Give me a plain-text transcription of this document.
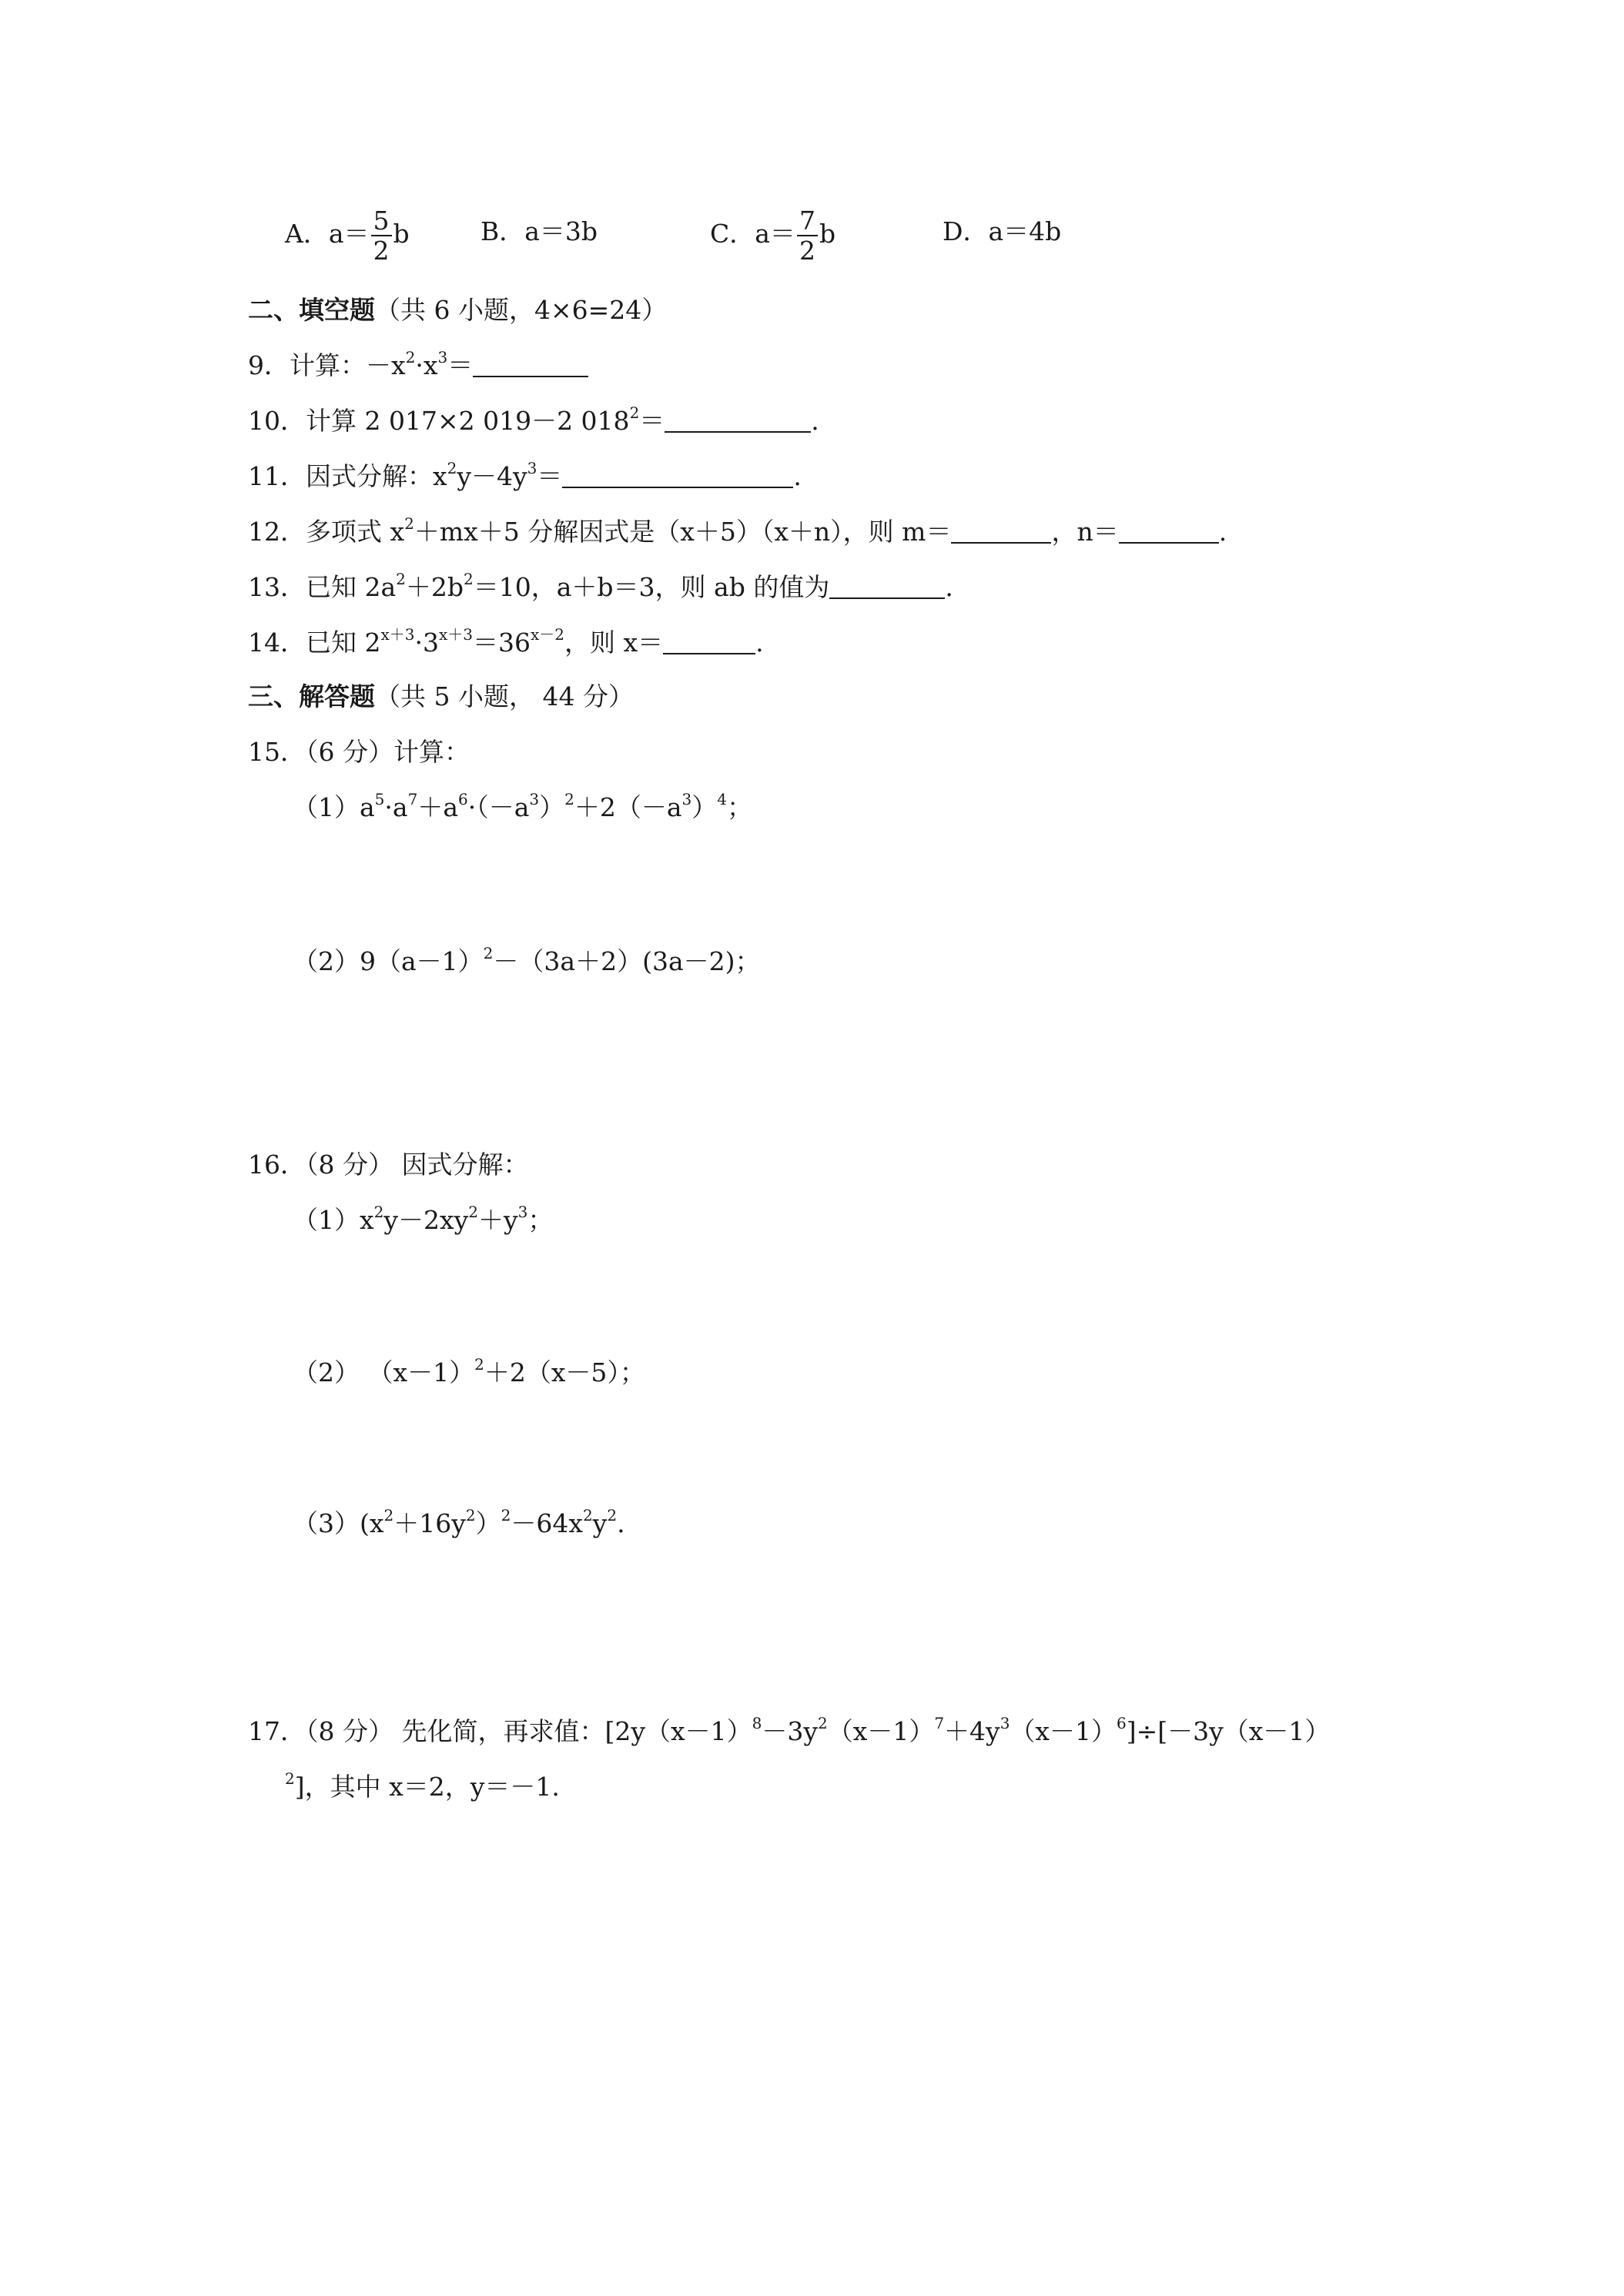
A．$a= \frac{5}{2}$ b	B．a＝3b	C．$a= \frac{7}{2}$ b	D．a＝4b
二、填空题（共 6 小题，4×6=24）
9．计算：$-x^2\cdot x^3=$
10．计算 2 017×2 019－2 $018^2=$	.
11．因式分解：$x^2y-4y^3=$	.
12．多项式 $x^2+mx+5$ 分解因式是（x＋5）（x＋n），则 m＝	，n＝	.
13．已知 $2a^2+2b^2=10$，a＋b＝3，则 ab 的值为	.
14．已知 $2^{x+3}\cdot 3^{x+3}=36^{x-2}$，则 x＝	.
三、解答题（共 5 小题， 44 分）
15．（6 分）计算：
$(1)a^5\cdot a^7+a^6\cdot(-a^3)^2+2(-a^3)^4$；
$(2)9(a-1)^2-(3a+2)(3a-2)$；
16．（8 分） 因式分解：
$(1)x^2y-2xy^2+y^3$；
（2） $(x-1)^2+2(x-5)$；
$(3)(x^2+16y^2)^2-64x^2y^2$.
17．（8 分） 先化简，再求值：$[2y(x-1)^8-3y^2(x-1)^7+4y^3(x-1)^6]\div[-3y(x-1)$
$^2$]，其中 x＝2，y＝－1.
